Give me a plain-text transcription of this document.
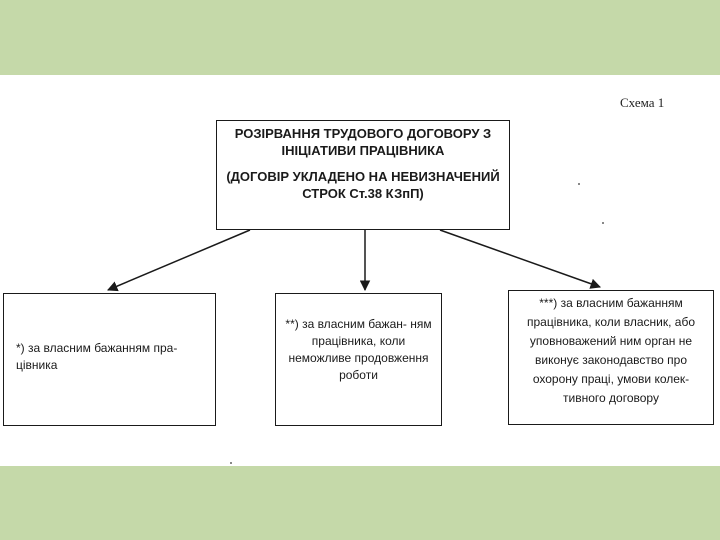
Схема 1
РОЗІРВАННЯ ТРУДОВОГО ДОГОВОРУ З ІНІЦІАТИВИ ПРАЦІВНИКА
(ДОГОВІР УКЛАДЕНО НА НЕВИЗНАЧЕНИЙ СТРОК Ст.38 КЗпП)
*) за власним бажанням пра- цівника
**) за власним бажан- ням працівника, коли неможливе продовження роботи
***) за власним бажанням працівника, коли власник, або уповноважений ним орган не виконує законодавство про охорону праці, умови колек- тивного договору
